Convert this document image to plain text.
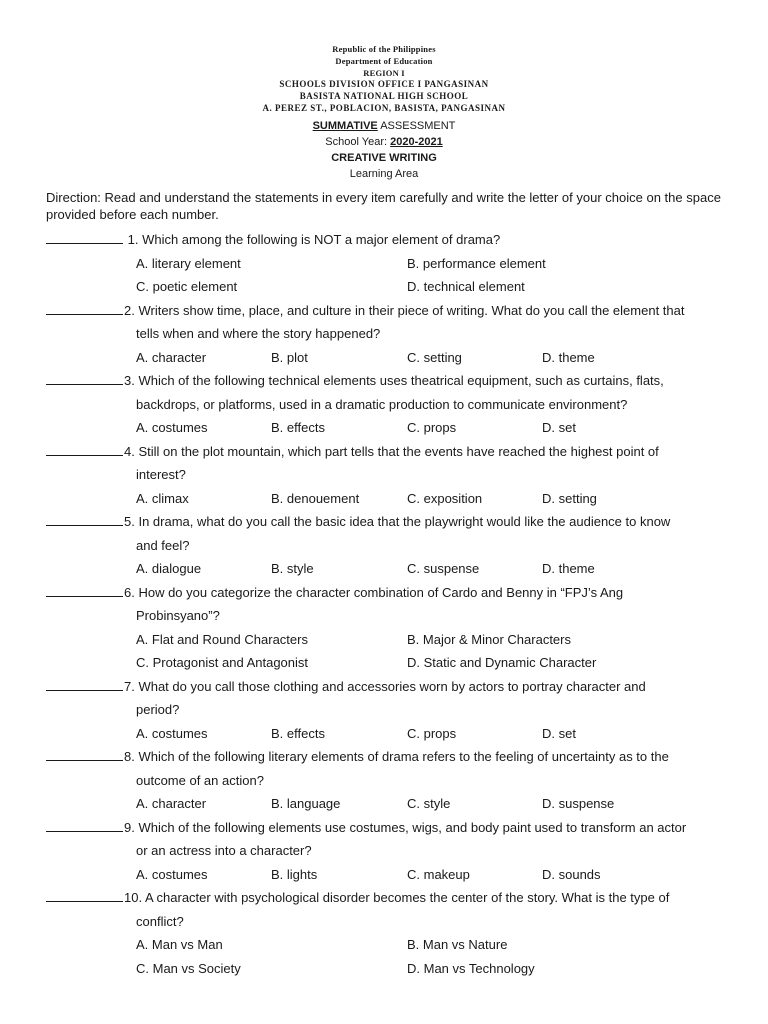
Republic of the Philippines
Department of Education
REGION I
SCHOOLS DIVISION OFFICE I PANGASINAN
BASISTA NATIONAL HIGH SCHOOL
A. PEREZ ST., POBLACION, BASISTA, PANGASINAN
SUMMATIVE ASSESSMENT
School Year: 2020-2021
CREATIVE WRITING
Learning Area
Direction: Read and understand the statements in every item carefully and write the letter of your choice on the space provided before each number.
1. Which among the following is NOT a major element of drama?
A. literary element	B. performance element
C. poetic element	D. technical element
2. Writers show time, place, and culture in their piece of writing. What do you call the element that
tells when and where the story happened?
A. character	B. plot	C. setting	D. theme
3. Which of the following technical elements uses theatrical equipment, such as curtains, flats,
backdrops, or platforms, used in a dramatic production to communicate environment?
A. costumes	B. effects	C. props	D. set
4. Still on the plot mountain, which part tells that the events have reached the highest point of
interest?
A. climax	B. denouement	C. exposition	D. setting
5. In drama, what do you call the basic idea that the playwright would like the audience to know
and feel?
A. dialogue	B. style	C. suspense	D. theme
6. How do you categorize the character combination of Cardo and Benny in “FPJ’s Ang
Probinsyano”?
A. Flat and Round Characters	B. Major & Minor Characters
C. Protagonist and Antagonist	D. Static and Dynamic Character
7. What do you call those clothing and accessories worn by actors to portray character and
period?
A. costumes	B. effects	C. props	D. set
8. Which of the following literary elements of drama refers to the feeling of uncertainty as to the
outcome of an action?
A. character	B. language	C. style	D. suspense
9. Which of the following elements use costumes, wigs, and body paint used to transform an actor
or an actress into a character?
A. costumes	B. lights	C. makeup	D. sounds
10. A character with psychological disorder becomes the center of the story. What is the type of
conflict?
A. Man vs Man	B. Man vs Nature
C. Man vs Society	D. Man vs Technology
